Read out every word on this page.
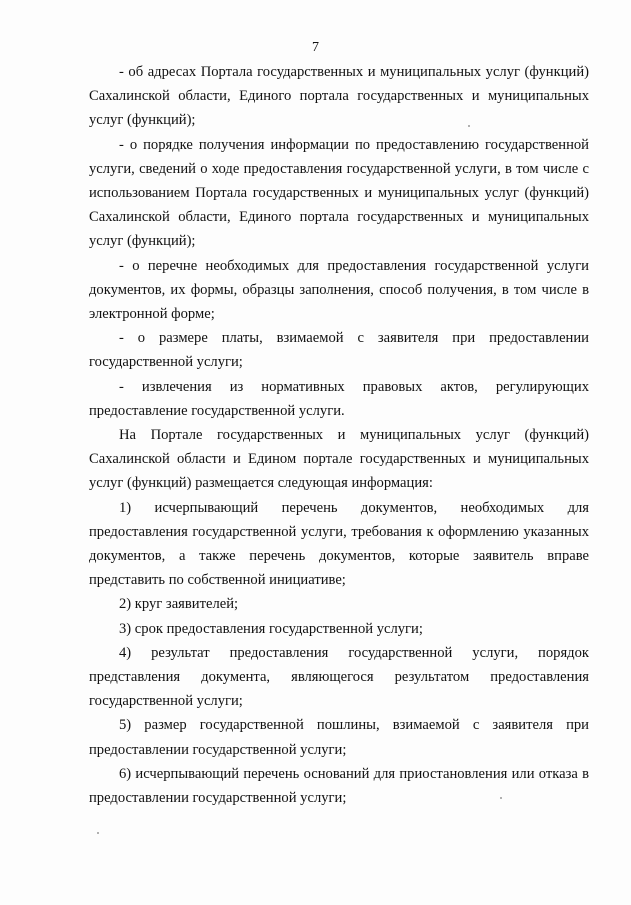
7

- об адресах Портала государственных и муниципальных услуг (функций) Сахалинской области, Единого портала государственных и муниципальных услуг (функций);

- о порядке получения информации по предоставлению государственной услуги, сведений о ходе предоставления государственной услуги, в том числе с использованием Портала государственных и муниципальных услуг (функций) Сахалинской области, Единого портала государственных и муниципальных услуг (функций);

- о перечне необходимых для предоставления государственной услуги документов, их формы, образцы заполнения, способ получения, в том числе в электронной форме;

- о размере платы, взимаемой с заявителя при предоставлении государственной услуги;

- извлечения из нормативных правовых актов, регулирующих предоставление государственной услуги.

На Портале государственных и муниципальных услуг (функций) Сахалинской области и Едином портале государственных и муниципальных услуг (функций) размещается следующая информация:

1) исчерпывающий перечень документов, необходимых для предоставления государственной услуги, требования к оформлению указанных документов, а также перечень документов, которые заявитель вправе представить по собственной инициативе;

2) круг заявителей;

3) срок предоставления государственной услуги;

4) результат предоставления государственной услуги, порядок представления документа, являющегося результатом предоставления государственной услуги;

5) размер государственной пошлины, взимаемой с заявителя при предоставлении государственной услуги;

6) исчерпывающий перечень оснований для приостановления или отказа в предоставлении государственной услуги;
